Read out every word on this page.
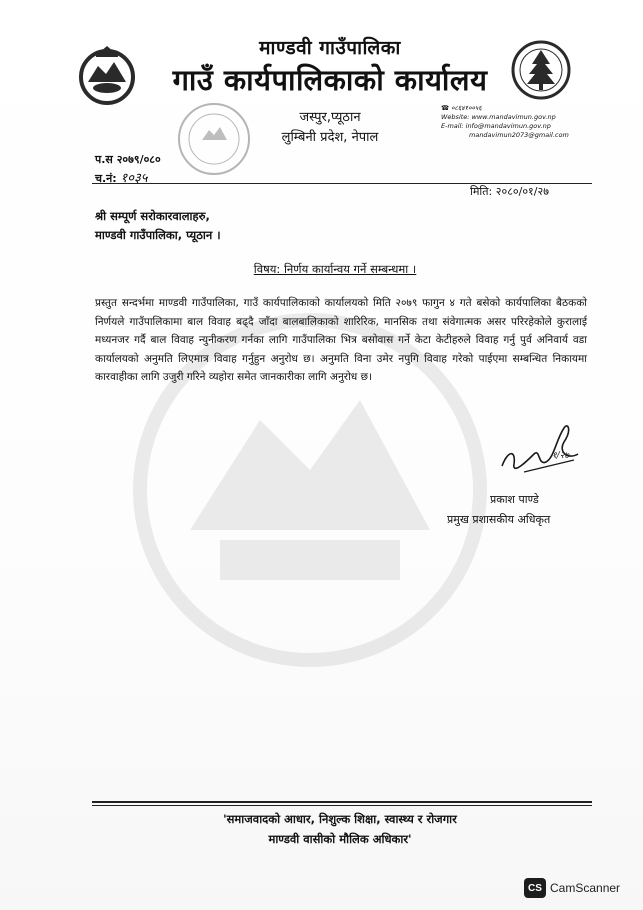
माण्डवी गाउँपालिका
गाउँ कार्यपालिकाको कार्यालय
जस्पुर,प्यूठान
लुम्बिनी प्रदेश, नेपाल
☎ ०८६४१००५६
Website: www.mandavimun.gov.np
E-mail: info@mandavimun.gov.np
mandavimun2073@gmail.com
प.स २०७९/०८०
च.नं: १०३५
मिति: २०८०/०१/२७
श्री सम्पूर्ण सरोकारवालाहरु,
माण्डवी गाउँपालिका, प्यूठान ।
विषय: निर्णय कार्यान्वय गर्ने सम्बन्धमा ।
प्रस्तुत सन्दर्भमा माण्डवी गाउँपालिका, गाउँ कार्यपालिकाको कार्यालयको मिति २०७९ फागुन ४ गते बसेको कार्यपालिका बैठकको निर्णयले गाउँपालिकामा बाल विवाह बढ्दै जाँदा बालबालिकाको शारिरिक, मानसिक तथा संवेगात्मक असर परिरहेकोले कुरालाई मध्यनजर गर्दै बाल विवाह न्युनीकरण गर्नका लागि गाउँपालिका भित्र बसोवास गर्ने केटा केटीहरुले विवाह गर्नु पुर्व अनिवार्य वडा कार्यालयको अनुमति लिएमात्र विवाह गर्नुहुन अनुरोध छ। अनुमति विना उमेर नपुगि विवाह गरेको पाईएमा सम्बन्धित निकायमा कारवाहीका लागि उजुरी गरिने व्यहोरा समेत जानकारीका लागि अनुरोध छ।
१/२७
प्रकाश पाण्डे
प्रमुख प्रशासकीय अधिकृत
'समाजवादको आधार, निशुल्क शिक्षा, स्वास्थ्य र रोजगार
माण्डवी वासीको मौलिक अधिकार'
CS CamScanner
